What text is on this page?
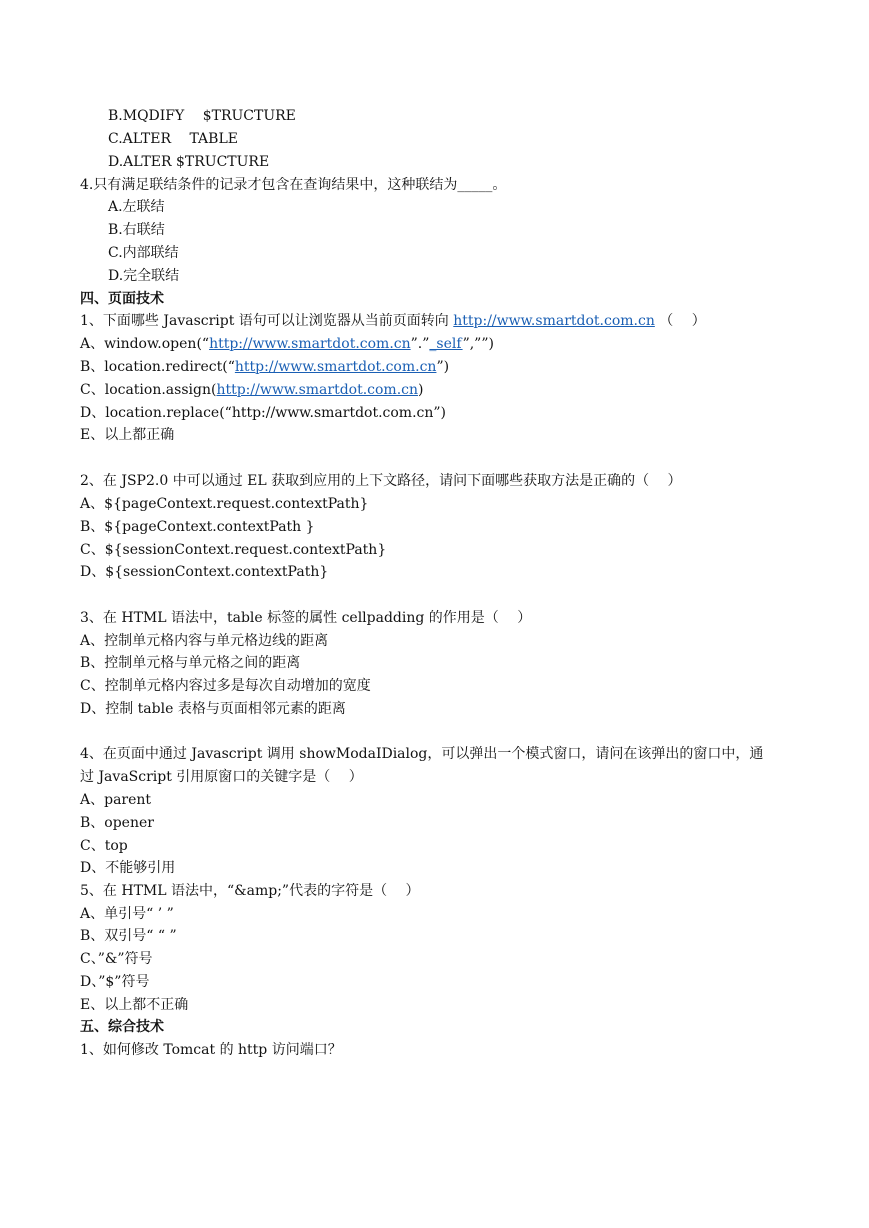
B.MQDIFY　 $TRUCTURE
C.ALTER　 TABLE
D.ALTER $TRUCTURE
4.只有满足联结条件的记录才包含在查询结果中，这种联结为_____。
A.左联结
B.右联结
C.内部联结
D.完全联结
四、页面技术
1、下面哪些 Javascript 语句可以让浏览器从当前页面转向 http://www.smartdot.com.cn （　 ）
A、window.open(“http://www.smartdot.com.cn”.”_self”,””)
B、location.redirect(“http://www.smartdot.com.cn”)
C、location.assign(http://www.smartdot.com.cn)
D、location.replace(“http://www.smartdot.com.cn”)
E、以上都正确
2、在 JSP2.0 中可以通过 EL 获取到应用的上下文路径，请问下面哪些获取方法是正确的（　 ）
A、${pageContext.request.contextPath}
B、${pageContext.contextPath }
C、${sessionContext.request.contextPath}
D、${sessionContext.contextPath}
3、在 HTML 语法中，table 标签的属性 cellpadding 的作用是（　 ）
A、控制单元格内容与单元格边线的距离
B、控制单元格与单元格之间的距离
C、控制单元格内容过多是每次自动增加的宽度
D、控制 table 表格与页面相邻元素的距离
4、在页面中通过 Javascript 调用 showModaIDialog，可以弹出一个模式窗口，请问在该弹出的窗口中，通
过 JavaScript 引用原窗口的关键字是（　 ）
A、parent
B、opener
C、top
D、不能够引用
5、在 HTML 语法中，“&amp;”代表的字符是（　 ）
A、单引号“ ’ ”
B、双引号“ “ ”
C、”&”符号
D、”$”符号
E、以上都不正确
五、综合技术
1、如何修改 Tomcat 的 http 访问端口？
